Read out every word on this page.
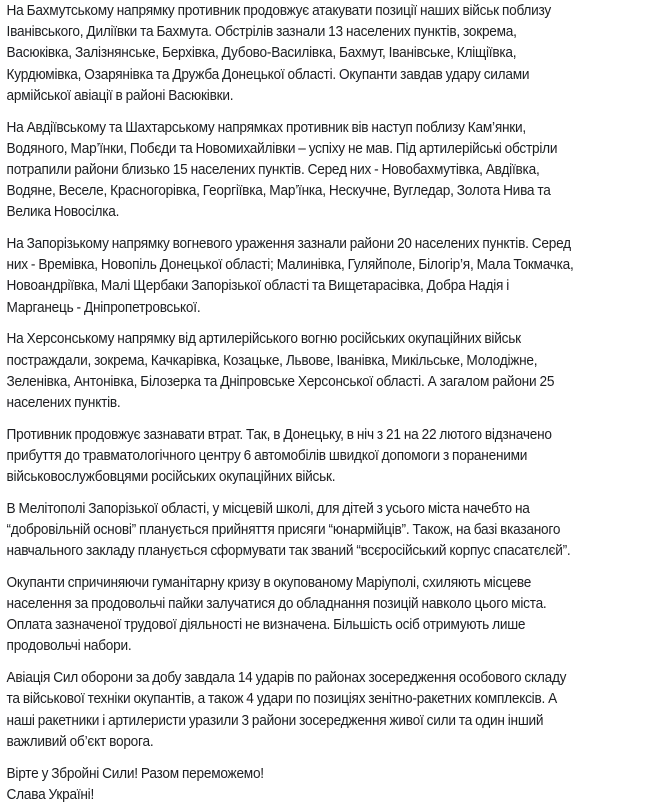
На Бахмутському напрямку противник продовжує атакувати позиції наших військ поблизу
Іванівського, Диліївки та Бахмута. Обстрілів зазнали 13 населених пунктів, зокрема,
Васюківка, Залізнянське, Берхівка, Дубово-Василівка, Бахмут, Іванівське, Кліщіївка,
Курдюмівка, Озарянівка та Дружба Донецької області. Окупанти завдав удару силами
армійської авіації в районі Васюківки.

На Авдіївському та Шахтарському напрямках противник вів наступ поблизу Кам’янки,
Водяного, Мар’їнки, Побєди та Новомихайлівки – успіху не мав. Під артилерійські обстріли
потрапили райони близько 15 населених пунктів. Серед них - Новобахмутівка, Авдіївка,
Водяне, Веселе, Красногорівка, Георгіївка, Мар’їнка, Нескучне, Вугледар, Золота Нива та
Велика Новосілка.

На Запорізькому напрямку вогневого ураження зазнали райони 20 населених пунктів. Серед
них - Времівка, Новопіль Донецької області; Малинівка, Гуляйполе, Білогір’я, Мала Токмачка,
Новоандріївка, Малі Щербаки Запорізької області та Вищетарасівка, Добра Надія і
Марганець - Дніпропетровської.

На Херсонському напрямку від артилерійського вогню російських окупаційних військ
постраждали, зокрема, Качкарівка, Козацьке, Львове, Іванівка, Микільське, Молодіжне,
Зеленівка, Антонівка, Білозерка та Дніпровське Херсонської області. А загалом райони 25
населених пунктів.

Противник продовжує зазнавати втрат. Так, в Донецьку, в ніч з 21 на 22 лютого відзначено
прибуття до травматологічного центру 6 автомобілів швидкої допомоги з пораненими
військовослужбовцями російських окупаційних військ.

В Мелітополі Запорізької області, у місцевій школі, для дітей з усього міста начебто на
“добровільній основі” планується прийняття присяги “юнармійців”. Також, на базі вказаного
навчального закладу планується сформувати так званий “всєросійський корпус спасатєлєй”.

Окупанти спричиняючи гуманітарну кризу в окупованому Маріуполі, схиляють місцеве
населення за продовольчі пайки залучатися до обладнання позицій навколо цього міста.
Оплата зазначеної трудової діяльності не визначена. Більшість осіб отримують лише
продовольчі набори.

Авіація Сил оборони за добу завдала 14 ударів по районах зосередження особового складу
та військової техніки окупантів, а також 4 удари по позиціях зенітно-ракетних комплексів. А
наші ракетники і артилеристи уразили 3 райони зосередження живої сили та один інший
важливий об’єкт ворога.

Вірте у Збройні Сили! Разом переможемо!
Слава Україні!
